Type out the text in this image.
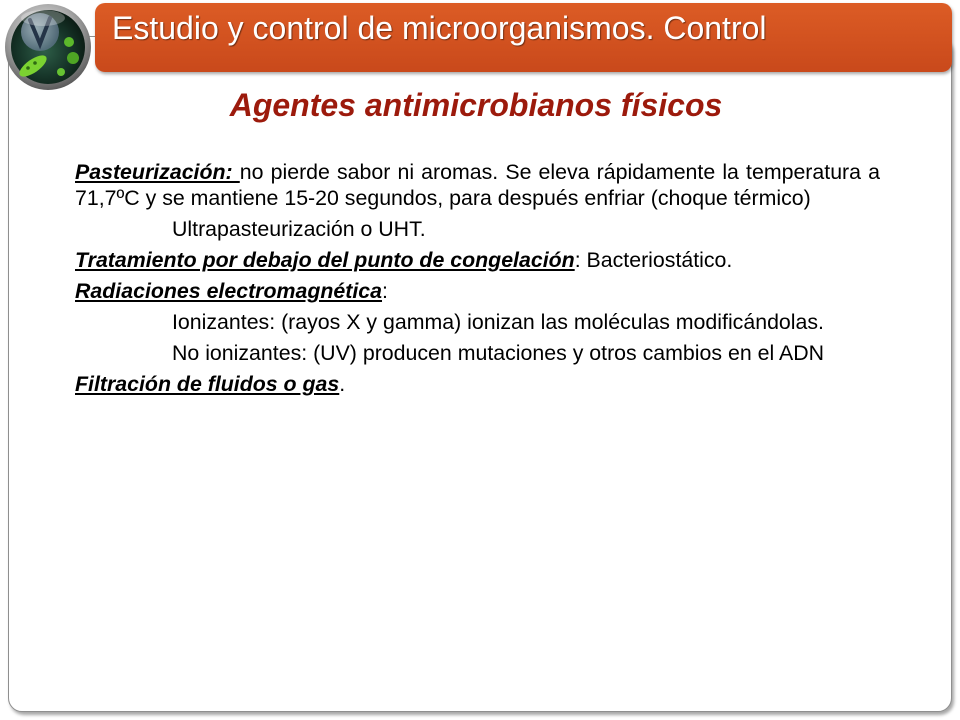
Estudio y control de microorganismos. Control
Agentes antimicrobianos físicos

Pasteurización: no pierde sabor ni aromas. Se eleva rápidamente la temperatura a 71,7ºC y se mantiene 15-20 segundos, para después enfriar (choque térmico)

Ultrapasteurización o UHT.

Tratamiento por debajo del punto de congelación: Bacteriostático.

Radiaciones electromagnética:

Ionizantes: (rayos X y gamma) ionizan las moléculas modificándolas.

No ionizantes: (UV) producen mutaciones y otros cambios en el ADN

Filtración de fluidos o gas.
